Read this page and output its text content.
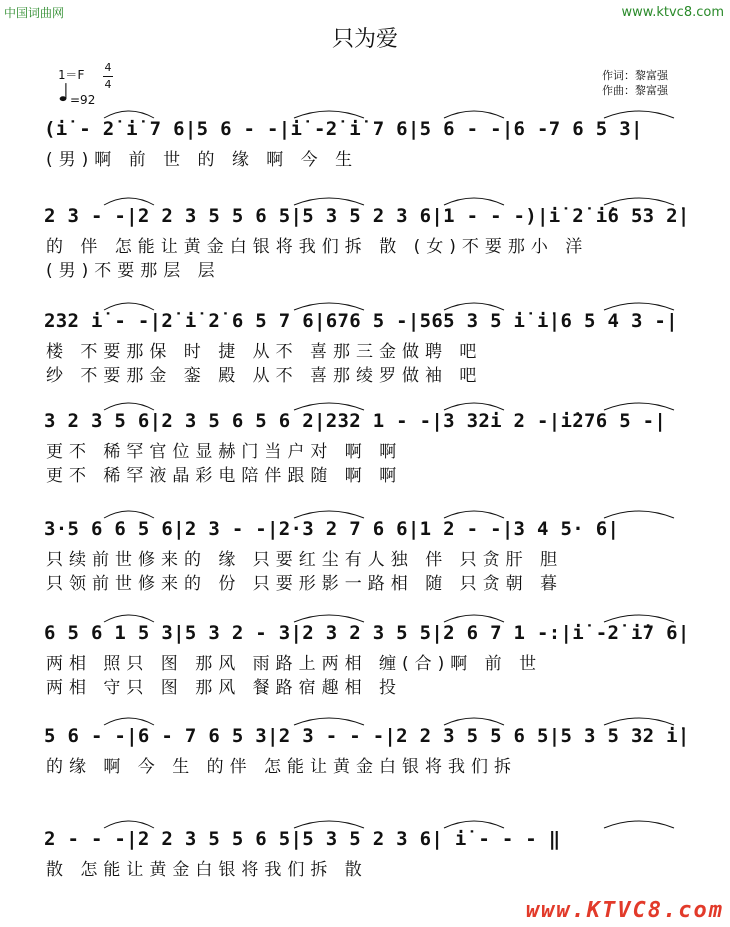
中国词曲网	www.ktvc8.com
只为爱
1＝F
4
4
=92
作词：黎富强
作曲：黎富强
(i̇ - 2̇ i̇ 7 6|5 6 - -|i̇ -2̇ i̇ 7 6|5 6 - -|6 -7 6 5 3|
(男)啊 前 世 的 缘 啊 今 生
2 3 - -|2 2 3 5 5 6 5|5 3 5 2 3 6|1 - - -)|i̇ 2̇ i̇6 53 2̇|
的 伴 怎能让黄金白银将我们拆 散 (女)不要那小 洋
(男)不要那层 层
232 i̇ - -|2̇ i̇ 2̇ 6 5 7 6|676 5 -|565 3 5 i̇ i̇|6 5 4 3 -|
楼 不要那保 时 捷 从不 喜那三金做聘 吧
纱 不要那金 銮 殿 从不 喜那绫罗做袖 吧
3 2 3 5 6|2 3 5 6 5 6 2|232 1 - -|3 32i 2 -|i̇276 5 -|
更不 稀罕官位显赫门当户对 啊 啊
更不 稀罕液晶彩电陪伴跟随 啊 啊
3·5 6 6 5 6|2 3 - -|2·3 2 7 6 6|1 2 - -|3 4 5· 6|
只续前世修来的 缘 只要红尘有人独 伴 只贪肝 胆
只领前世修来的 份 只要形影一路相 随 只贪朝 暮
6 5 6 1 5 3|5 3 2 - 3|2 3 2 3 5 5|2 6 7 1 -:|i̇ -2̇ i̇7 6|
两相 照只 图 那风 雨路上两相 缠(合)啊 前 世
两相 守只 图 那风 餐路宿趣相 投
5 6 - -|6 - 7 6 5 3|2 3 - - -|2 2 3 5 5 6 5|5 3 5 32 i̇|
的缘 啊 今 生 的伴 怎能让黄金白银将我们拆
2 - - -|2 2 3 5 5 6 5|5 3 5 2 3 6| i̇ - - - ‖
散 怎能让黄金白银将我们拆 散
www.KTVC8.com
